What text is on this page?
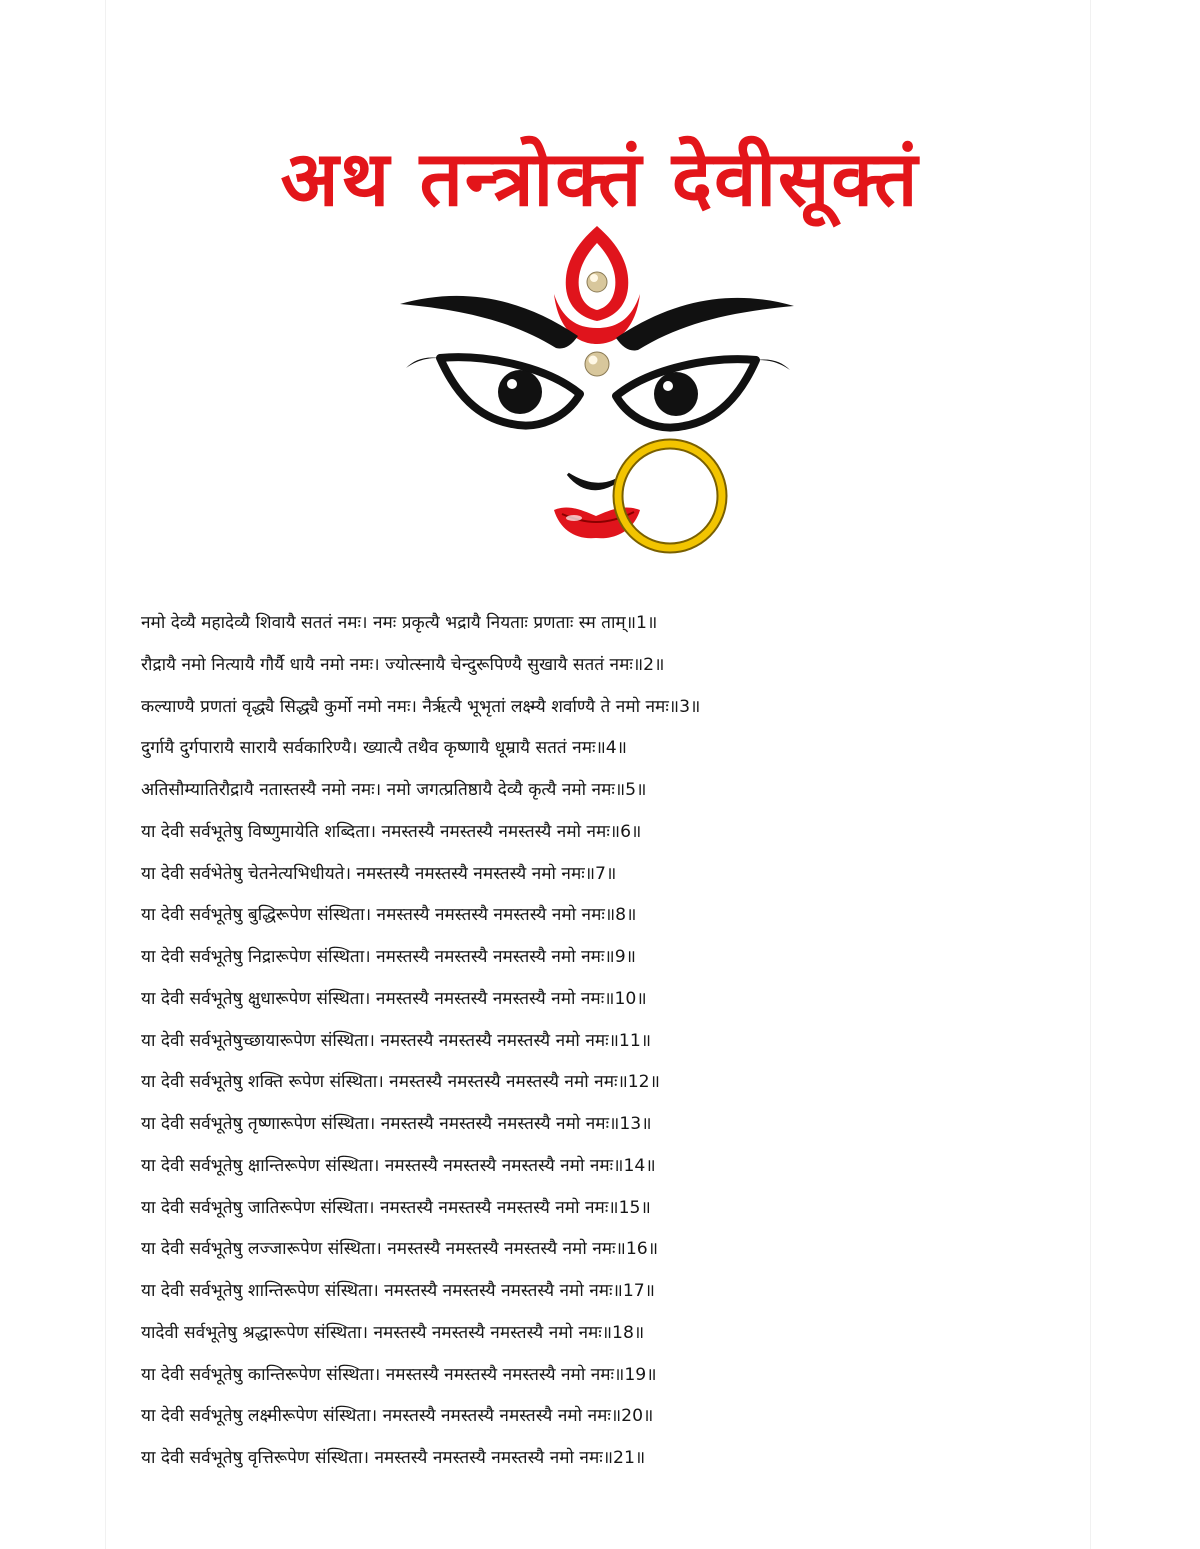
अथ तन्त्रोक्तं देवीसूक्तं
नमो देव्यै महादेव्यै शिवायै सततं नमः। नमः प्रकृत्यै भद्रायै नियताः प्रणताः स्म ताम्॥1॥
रौद्रायै नमो नित्यायै गौर्यै धायै नमो नमः। ज्योत्स्नायै चेन्दुरूपिण्यै सुखायै सततं नमः॥2॥
कल्याण्यै प्रणतां वृद्ध्यै सिद्ध्यै कुर्मो नमो नमः। नैर्ऋत्यै भूभृतां लक्ष्म्यै शर्वाण्यै ते नमो नमः॥3॥
दुर्गायै दुर्गपारायै सारायै सर्वकारिण्यै। ख्यात्यै तथैव कृष्णायै धूम्रायै सततं नमः॥4॥
अतिसौम्यातिरौद्रायै नतास्तस्यै नमो नमः। नमो जगत्प्रतिष्ठायै देव्यै कृत्यै नमो नमः॥5॥
या देवी सर्वभूतेषु विष्णुमायेति शब्दिता। नमस्तस्यै नमस्तस्यै नमस्तस्यै नमो नमः॥6॥
या देवी सर्वभेतेषु चेतनेत्यभिधीयते। नमस्तस्यै नमस्तस्यै नमस्तस्यै नमो नमः॥7॥
या देवी सर्वभूतेषु बुद्धिरूपेण संस्थिता। नमस्तस्यै नमस्तस्यै नमस्तस्यै नमो नमः॥8॥
या देवी सर्वभूतेषु निद्रारूपेण संस्थिता। नमस्तस्यै नमस्तस्यै नमस्तस्यै नमो नमः॥9॥
या देवी सर्वभूतेषु क्षुधारूपेण संस्थिता। नमस्तस्यै नमस्तस्यै नमस्तस्यै नमो नमः॥10॥
या देवी सर्वभूतेषुच्छायारूपेण संस्थिता। नमस्तस्यै नमस्तस्यै नमस्तस्यै नमो नमः॥11॥
या देवी सर्वभूतेषु शक्ति रूपेण संस्थिता। नमस्तस्यै नमस्तस्यै नमस्तस्यै नमो नमः॥12॥
या देवी सर्वभूतेषु तृष्णारूपेण संस्थिता। नमस्तस्यै नमस्तस्यै नमस्तस्यै नमो नमः॥13॥
या देवी सर्वभूतेषु क्षान्तिरूपेण संस्थिता। नमस्तस्यै नमस्तस्यै नमस्तस्यै नमो नमः॥14॥
या देवी सर्वभूतेषु जातिरूपेण संस्थिता। नमस्तस्यै नमस्तस्यै नमस्तस्यै नमो नमः॥15॥
या देवी सर्वभूतेषु लज्जारूपेण संस्थिता। नमस्तस्यै नमस्तस्यै नमस्तस्यै नमो नमः॥16॥
या देवी सर्वभूतेषु शान्तिरूपेण संस्थिता। नमस्तस्यै नमस्तस्यै नमस्तस्यै नमो नमः॥17॥
यादेवी सर्वभूतेषु श्रद्धारूपेण संस्थिता। नमस्तस्यै नमस्तस्यै नमस्तस्यै नमो नमः॥18॥
या देवी सर्वभूतेषु कान्तिरूपेण संस्थिता। नमस्तस्यै नमस्तस्यै नमस्तस्यै नमो नमः॥19॥
या देवी सर्वभूतेषु लक्ष्मीरूपेण संस्थिता। नमस्तस्यै नमस्तस्यै नमस्तस्यै नमो नमः॥20॥
या देवी सर्वभूतेषु वृत्तिरूपेण संस्थिता। नमस्तस्यै नमस्तस्यै नमस्तस्यै नमो नमः॥21॥
